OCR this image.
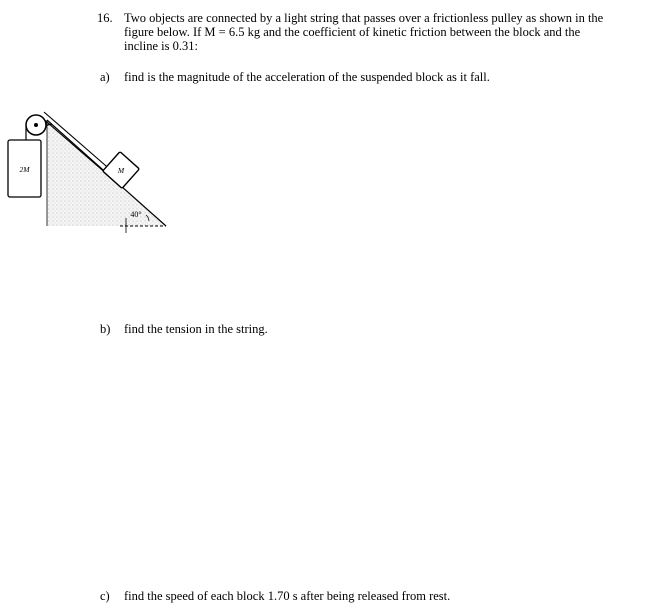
16. Two objects are connected by a light string that passes over a frictionless pulley as shown in the
figure below. If M = 6.5 kg and the coefficient of kinetic friction between the block and the
incline is 0.31:
a) find is the magnitude of the acceleration of the suspended block as it fall.
2M	M
40°
b) find the tension in the string.
c) find the speed of each block 1.70 s after being released from rest.
